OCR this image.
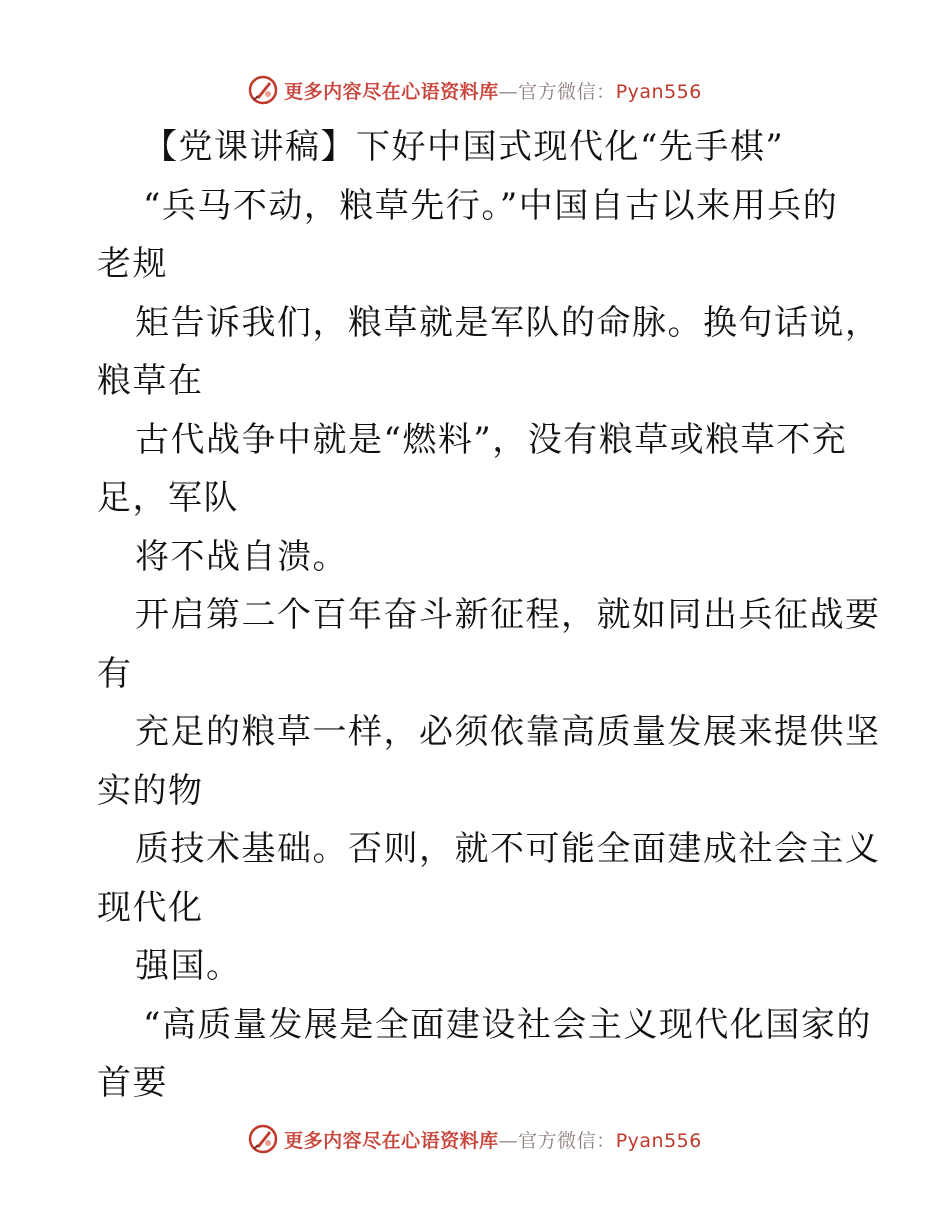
更多内容尽在心语资料库—官方微信：Pyan556
【党课讲稿】下好中国式现代化“先手棋”
“兵马不动，粮草先行。”中国自古以来用兵的
老规
矩告诉我们，粮草就是军队的命脉。换句话说，
粮草在
古代战争中就是“燃料”，没有粮草或粮草不充
足，军队
将不战自溃。
开启第二个百年奋斗新征程，就如同出兵征战要
有
充足的粮草一样，必须依靠高质量发展来提供坚
实的物
质技术基础。否则，就不可能全面建成社会主义
现代化
强国。
“高质量发展是全面建设社会主义现代化国家的
首要
更多内容尽在心语资料库—官方微信：Pyan556
